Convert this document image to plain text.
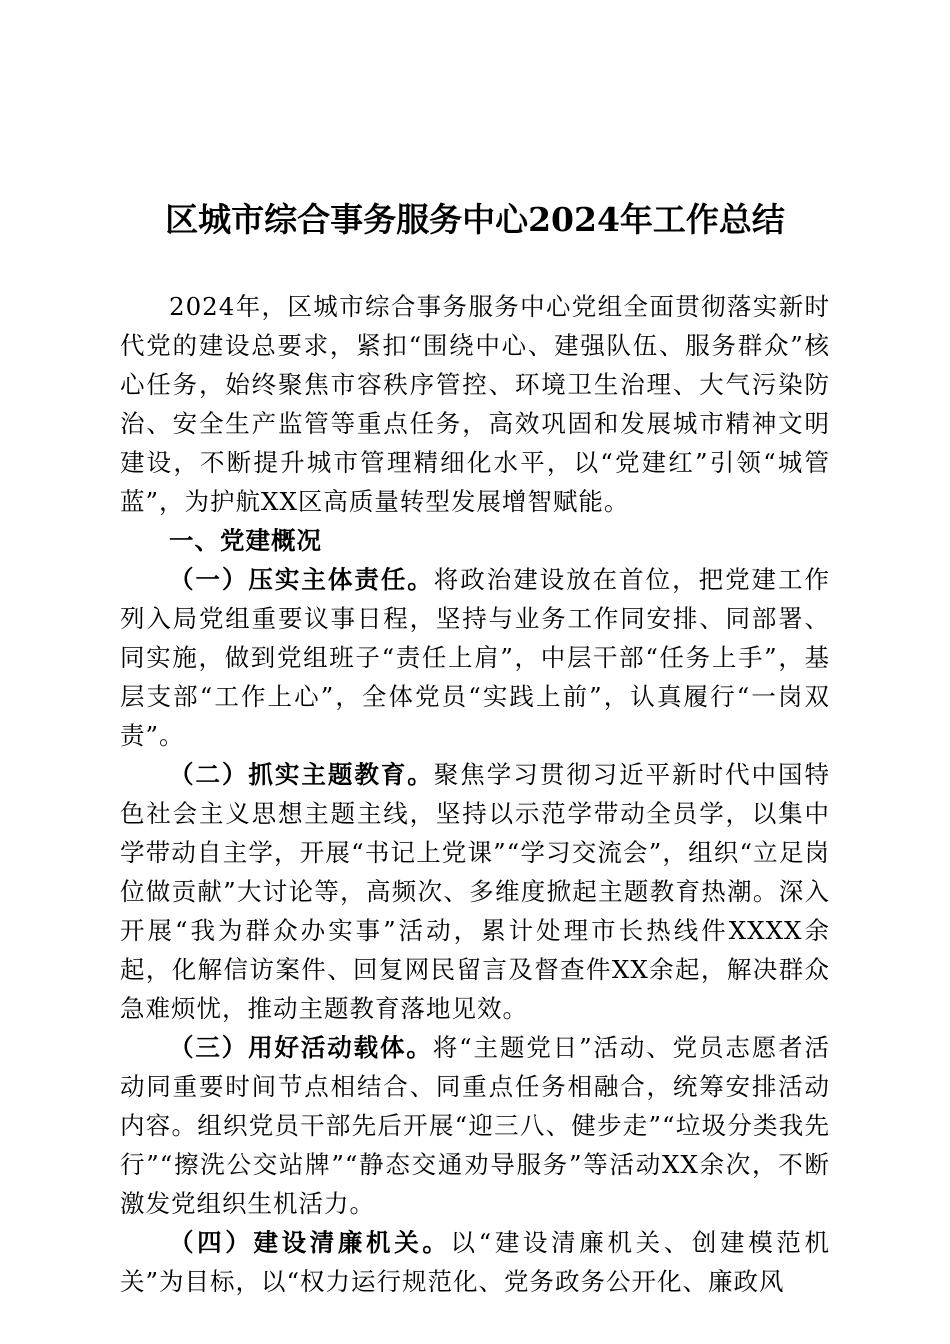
区城市综合事务服务中心2024年工作总结

2024年，区城市综合事务服务中心党组全面贯彻落实新时代党的建设总要求，紧扣“围绕中心、建强队伍、服务群众”核心任务，始终聚焦市容秩序管控、环境卫生治理、大气污染防治、安全生产监管等重点任务，高效巩固和发展城市精神文明建设，不断提升城市管理精细化水平，以“党建红”引领“城管蓝”，为护航XX区高质量转型发展增智赋能。

一、党建概况

（一）压实主体责任。将政治建设放在首位，把党建工作列入局党组重要议事日程，坚持与业务工作同安排、同部署、同实施，做到党组班子“责任上肩”，中层干部“任务上手”，基层支部“工作上心”，全体党员“实践上前”，认真履行“一岗双责”。

（二）抓实主题教育。聚焦学习贯彻习近平新时代中国特色社会主义思想主题主线，坚持以示范学带动全员学，以集中学带动自主学，开展“书记上党课”“学习交流会”，组织“立足岗位做贡献”大讨论等，高频次、多维度掀起主题教育热潮。深入开展“我为群众办实事”活动，累计处理市长热线件XXXX余起，化解信访案件、回复网民留言及督查件XX余起，解决群众急难烦忧，推动主题教育落地见效。

（三）用好活动载体。将“主题党日”活动、党员志愿者活动同重要时间节点相结合、同重点任务相融合，统筹安排活动内容。组织党员干部先后开展“迎三八、健步走”“垃圾分类我先行”“擦洗公交站牌”“静态交通劝导服务”等活动XX余次，不断激发党组织生机活力。

（四）建设清廉机关。以“建设清廉机关、创建模范机关”为目标，以“权力运行规范化、党务政务公开化、廉政风
